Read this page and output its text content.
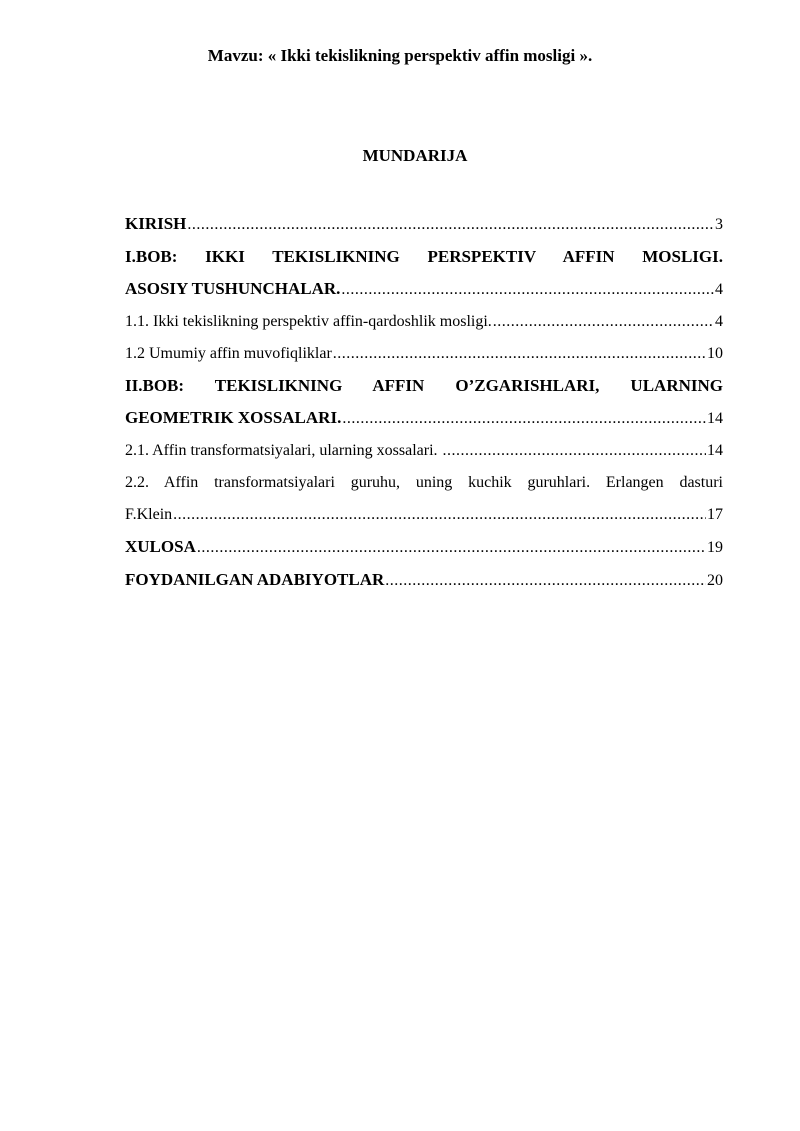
Mavzu: « Ikki tekislikning perspektiv affin mosligi ».
MUNDARIJA
KIRISH .....	3
I.BOB: IKKI TEKISLIKNING PERSPEKTIV AFFIN MOSLIGI.
ASOSIY TUSHUNCHALAR. .....	4
1.1. Ikki tekislikning perspektiv affin-qardoshlik mosligi. .....	4
1.2 Umumiy affin muvofiqliklar .....	10
II.BOB: TEKISLIKNING AFFIN O’ZGARISHLARI, ULARNING
GEOMETRIK XOSSALARI. .....	14
2.1. Affin transformatsiyalari, ularning xossalari. .....	14
2.2. Affin transformatsiyalari guruhu, uning kuchik guruhlari. Erlangen dasturi
F.Klein .....	17
XULOSA .....	19
FOYDANILGAN ADABIYOTLAR .....	20
